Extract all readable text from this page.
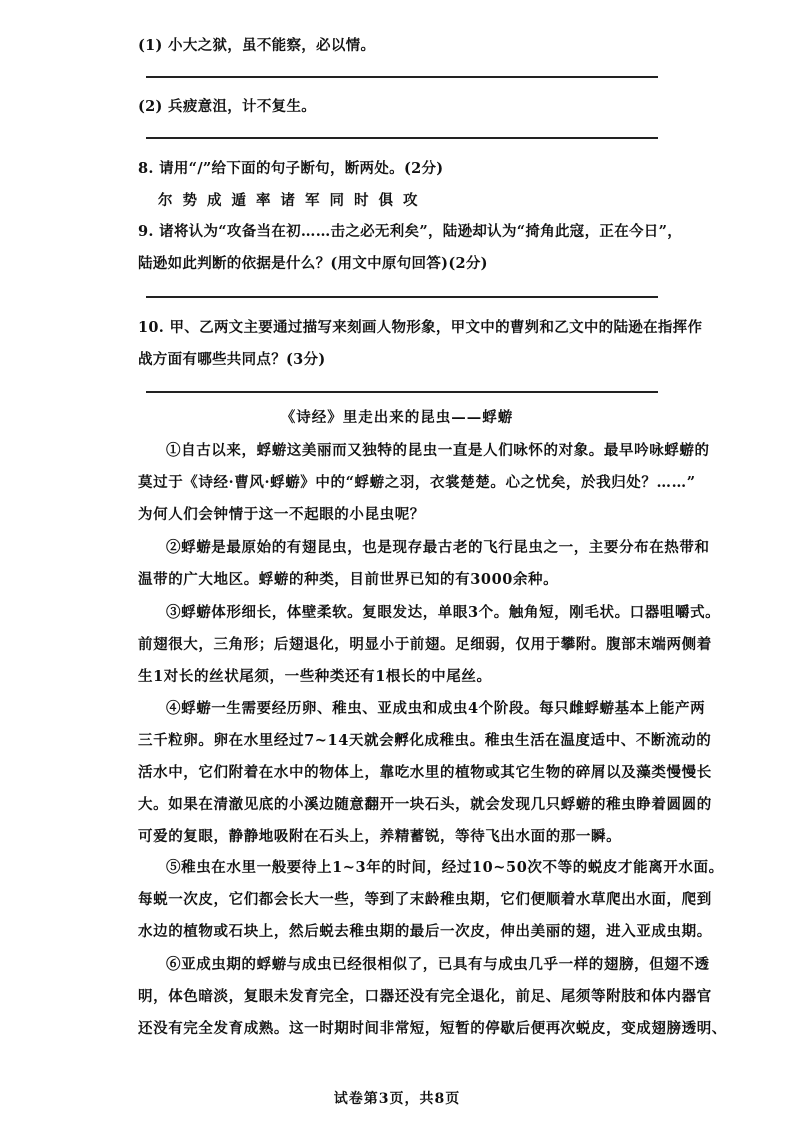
(1) 小大之狱，虽不能察，必以情。
(2) 兵疲意沮，计不复生。
8. 请用“/”给下面的句子断句，断两处。(2分)
尔势成遁率诸军同时俱攻
9. 诸将认为“攻备当在初……击之必无利矣”，陆逊却认为“掎角此寇，正在今日”，
陆逊如此判断的依据是什么？(用文中原句回答)(2分)
10. 甲、乙两文主要通过描写来刻画人物形象，甲文中的曹刿和乙文中的陆逊在指挥作
战方面有哪些共同点？(3分)
《诗经》里走出来的昆虫——蜉蝣
①自古以来，蜉蝣这美丽而又独特的昆虫一直是人们咏怀的对象。最早吟咏蜉蝣的
莫过于《诗经·曹风·蜉蝣》中的“蜉蝣之羽，衣裳楚楚。心之忧矣，於我归处？……”
为何人们会钟情于这一不起眼的小昆虫呢？
②蜉蝣是最原始的有翅昆虫，也是现存最古老的飞行昆虫之一，主要分布在热带和
温带的广大地区。蜉蝣的种类，目前世界已知的有3000余种。
③蜉蝣体形细长，体壁柔软。复眼发达，单眼3个。触角短，刚毛状。口器咀嚼式。
前翅很大，三角形；后翅退化，明显小于前翅。足细弱，仅用于攀附。腹部末端两侧着
生1对长的丝状尾须，一些种类还有1根长的中尾丝。
④蜉蝣一生需要经历卵、稚虫、亚成虫和成虫4个阶段。每只雌蜉蝣基本上能产两
三千粒卵。卵在水里经过7~14天就会孵化成稚虫。稚虫生活在温度适中、不断流动的
活水中，它们附着在水中的物体上，靠吃水里的植物或其它生物的碎屑以及藻类慢慢长
大。如果在清澈见底的小溪边随意翻开一块石头，就会发现几只蜉蝣的稚虫睁着圆圆的
可爱的复眼，静静地吸附在石头上，养精蓄锐，等待飞出水面的那一瞬。
⑤稚虫在水里一般要待上1~3年的时间，经过10~50次不等的蜕皮才能离开水面。
每蜕一次皮，它们都会长大一些，等到了末龄稚虫期，它们便顺着水草爬出水面，爬到
水边的植物或石块上，然后蜕去稚虫期的最后一次皮，伸出美丽的翅，进入亚成虫期。
⑥亚成虫期的蜉蝣与成虫已经很相似了，已具有与成虫几乎一样的翅膀，但翅不透
明，体色暗淡，复眼未发育完全，口器还没有完全退化，前足、尾须等附肢和体内器官
还没有完全发育成熟。这一时期时间非常短，短暂的停歇后便再次蜕皮，变成翅膀透明、
试卷第3页，共8页
